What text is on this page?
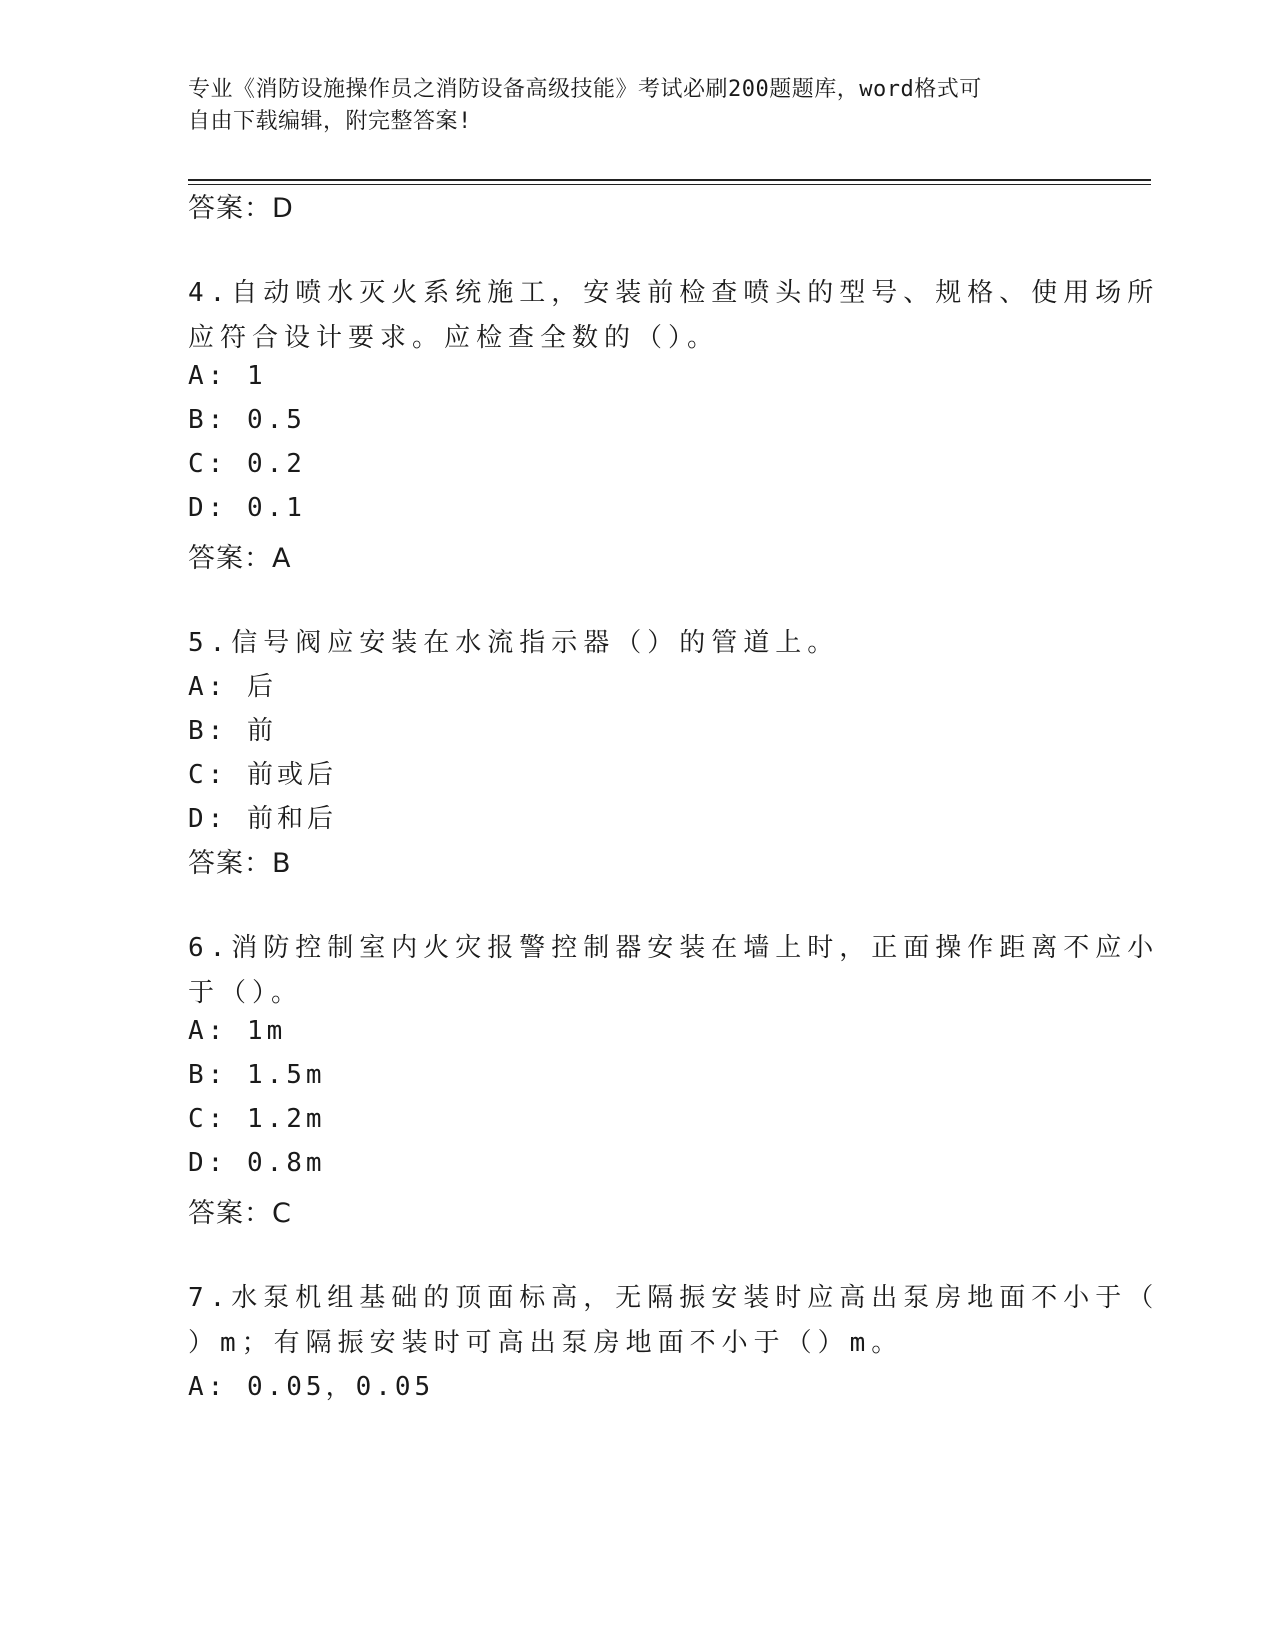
专业《消防设施操作员之消防设备高级技能》考试必刷200题题库，word格式可
自由下载编辑，附完整答案!
答案：D
4.自动喷水灭火系统施工，安装前检查喷头的型号、规格、使用场所
应符合设计要求。应检查全数的（）。
A: 1
B: 0.5
C: 0.2
D: 0.1
答案：A
5.信号阀应安装在水流指示器（）的管道上。
A: 后
B: 前
C: 前或后
D: 前和后
答案：B
6.消防控制室内火灾报警控制器安装在墙上时，正面操作距离不应小
于（）。
A: 1m
B: 1.5m
C: 1.2m
D: 0.8m
答案：C
7.水泵机组基础的顶面标高，无隔振安装时应高出泵房地面不小于（
）m；有隔振安装时可高出泵房地面不小于（）m。
A: 0.05，0.05
